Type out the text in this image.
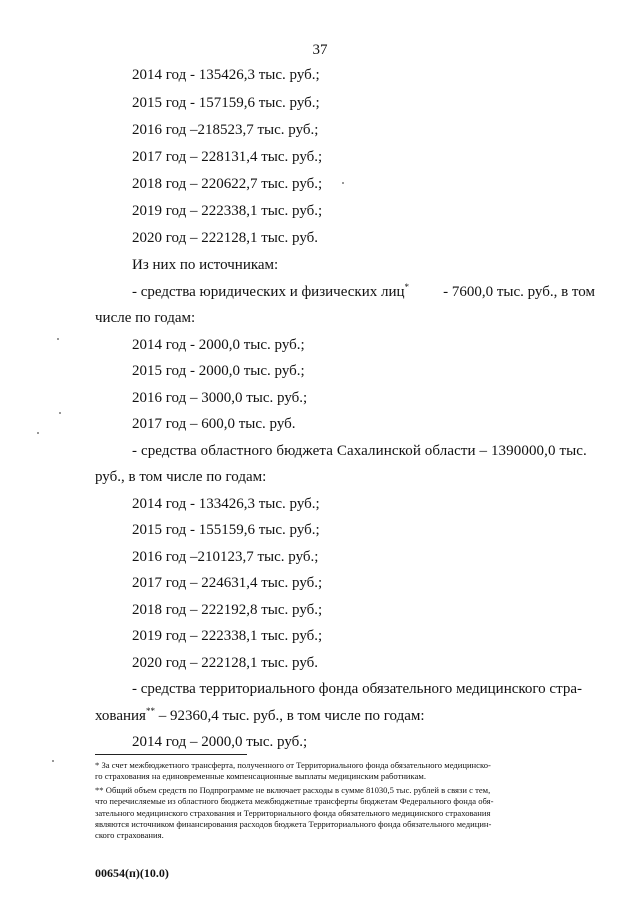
37
2014 год - 135426,3 тыс. руб.;
2015 год - 157159,6 тыс. руб.;
2016 год –218523,7 тыс. руб.;
2017 год – 228131,4 тыс. руб.;
2018 год – 220622,7 тыс. руб.;
2019 год – 222338,1 тыс. руб.;
2020 год – 222128,1 тыс. руб.
Из них по источникам:
- средства юридических и физических лиц* - 7600,0 тыс. руб., в том
числе по годам:
2014 год - 2000,0 тыс. руб.;
2015 год - 2000,0 тыс. руб.;
2016 год – 3000,0 тыс. руб.;
2017 год – 600,0 тыс. руб.
- средства областного бюджета Сахалинской области – 1390000,0 тыс.
руб., в том числе по годам:
2014 год - 133426,3 тыс. руб.;
2015 год - 155159,6 тыс. руб.;
2016 год –210123,7 тыс. руб.;
2017 год – 224631,4 тыс. руб.;
2018 год – 222192,8 тыс. руб.;
2019 год – 222338,1 тыс. руб.;
2020 год – 222128,1 тыс. руб.
- средства территориального фонда обязательного медицинского стра-
хования** – 92360,4 тыс. руб., в том числе по годам:
2014 год – 2000,0 тыс. руб.;
* За счет межбюджетного трансферта, полученного от Территориального фонда обязательного медицинско-
го страхования на единовременные компенсационные выплаты медицинским работникам.
** Общий объем средств по Подпрограмме не включает расходы в сумме 81030,5 тыс. рублей в связи с тем,
что перечисляемые из областного бюджета межбюджетные трансферты бюджетам Федерального фонда обя-
зательного медицинского страхования и Территориального фонда обязательного медицинского страхования
являются источником финансирования расходов бюджета Территориального фонда обязательного медицин-
ского страхования.
00654(п)(10.0)
